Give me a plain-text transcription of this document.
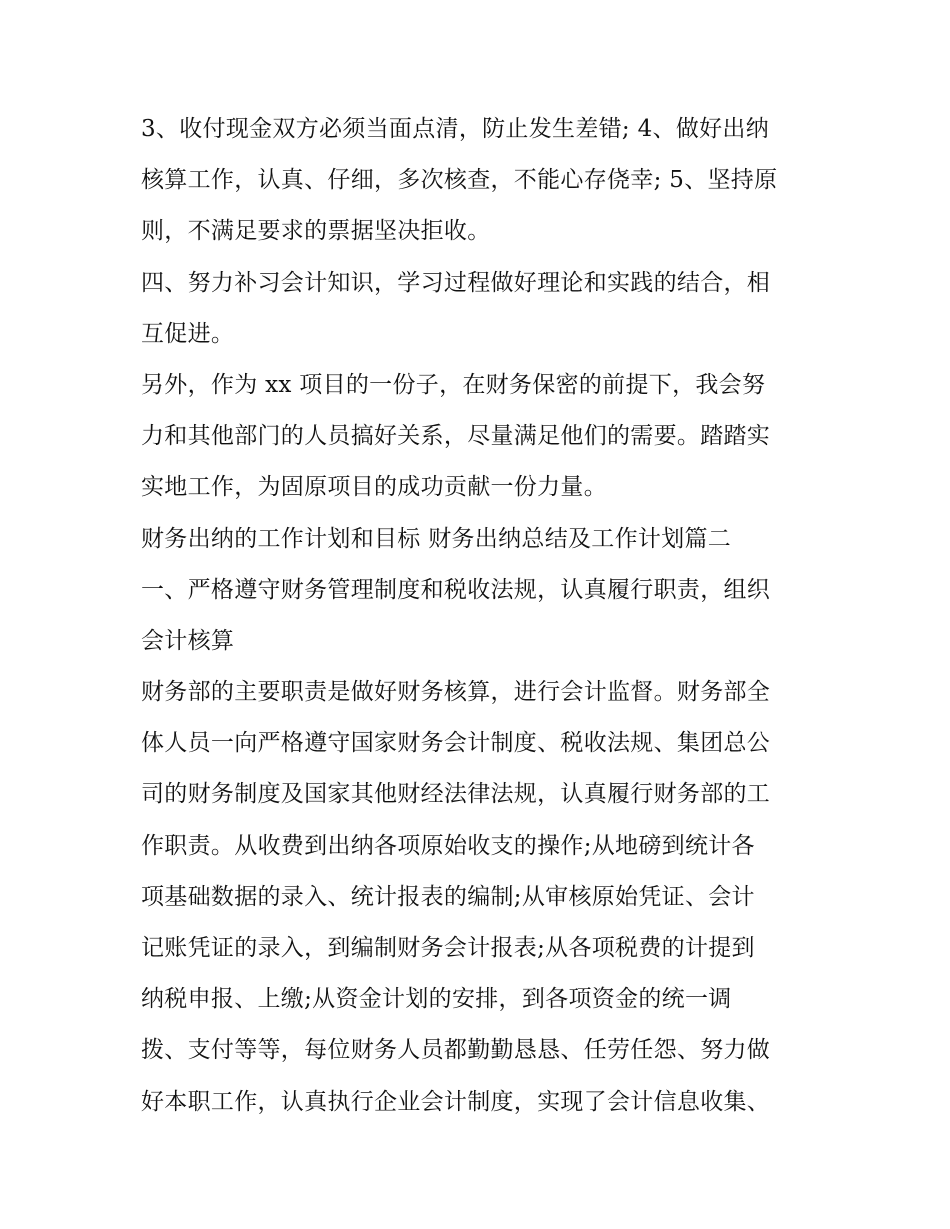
3、收付现金双方必须当面点清，防止发生差错; 4、做好出纳
核算工作，认真、仔细，多次核查，不能心存侥幸; 5、坚持原
则，不满足要求的票据坚决拒收。
四、努力补习会计知识，学习过程做好理论和实践的结合，相
互促进。
另外，作为 xx 项目的一份子，在财务保密的前提下，我会努
力和其他部门的人员搞好关系，尽量满足他们的需要。踏踏实
实地工作，为固原项目的成功贡献一份力量。
财务出纳的工作计划和目标 财务出纳总结及工作计划篇二
一、严格遵守财务管理制度和税收法规，认真履行职责，组织
会计核算
财务部的主要职责是做好财务核算，进行会计监督。财务部全
体人员一向严格遵守国家财务会计制度、税收法规、集团总公
司的财务制度及国家其他财经法律法规，认真履行财务部的工
作职责。从收费到出纳各项原始收支的操作;从地磅到统计各
项基础数据的录入、统计报表的编制;从审核原始凭证、会计
记账凭证的录入，到编制财务会计报表;从各项税费的计提到
纳税申报、上缴;从资金计划的安排，到各项资金的统一调
拨、支付等等，每位财务人员都勤勤恳恳、任劳任怨、努力做
好本职工作，认真执行企业会计制度，实现了会计信息收集、
